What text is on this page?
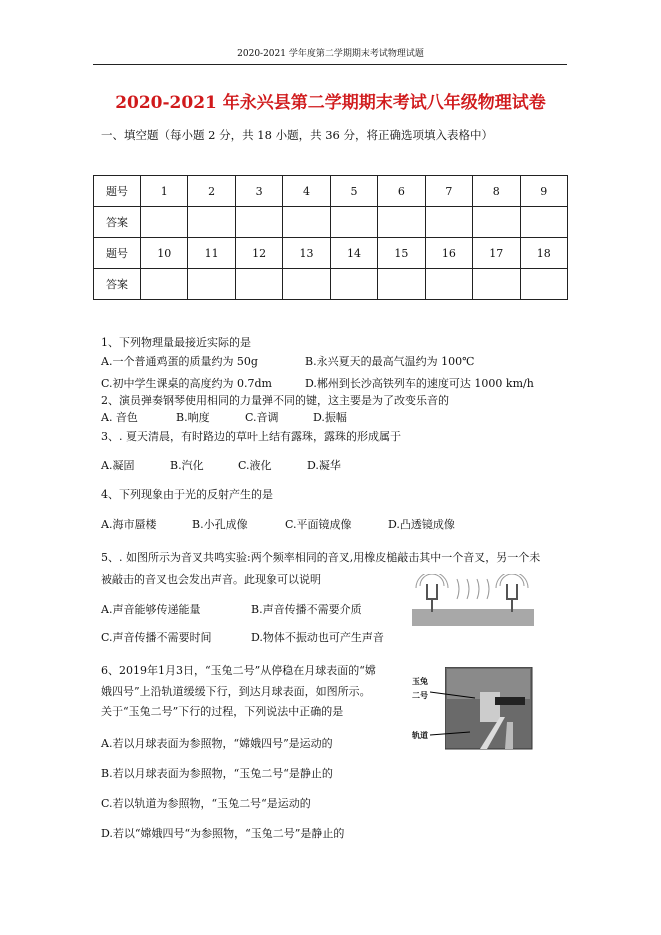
2020-2021 学年度第二学期期末考试物理试题
2020-2021 年永兴县第二学期期末考试八年级物理试卷
一、填空题（每小题 2 分，共 18 小题，共 36 分，将正确选项填入表格中）
题号	1	2	3	4	5	6	7	8	9
答案									
题号	10	11	12	13	14	15	16	17	18
答案									
1、下列物理量最接近实际的是
A.一个普通鸡蛋的质量约为 50g	B.永兴夏天的最高气温约为 100℃
C.初中学生课桌的高度约为 0.7dm	D.郴州到长沙高铁列车的速度可达 1000 km/h
2、演员弹奏钢琴使用相同的力量弹不同的键，这主要是为了改变乐音的
A. 音色	B.响度	C.音调	D.振幅
3、. 夏天清晨，有时路边的草叶上结有露珠，露珠的形成属于
A.凝固	B.汽化	C.液化	D.凝华
4、下列现象由于光的反射产生的是
A.海市蜃楼	B.小孔成像	C.平面镜成像	D.凸透镜成像
5、. 如图所示为音叉共鸣实验:两个频率相同的音叉,用橡皮槌敲击其中一个音叉，另一个未
被敲击的音叉也会发出声音。此现象可以说明
A.声音能够传递能量	B.声音传播不需要介质
C.声音传播不需要时间	D.物体不振动也可产生声音
6、2019年1月3日，“玉兔二号”从停稳在月球表面的“嫦
娥四号”上沿轨道缓缓下行，到达月球表面，如图所示。
关于“玉兔二号”下行的过程，下列说法中正确的是
A.若以月球表面为参照物，“嫦娥四号”是运动的
B.若以月球表面为参照物，“玉兔二号“是静止的
C.若以轨道为参照物，“玉兔二号“是运动的
D.若以“嫦娥四号“为参照物，“玉兔二号”是静止的
玉兔
二号
轨道
